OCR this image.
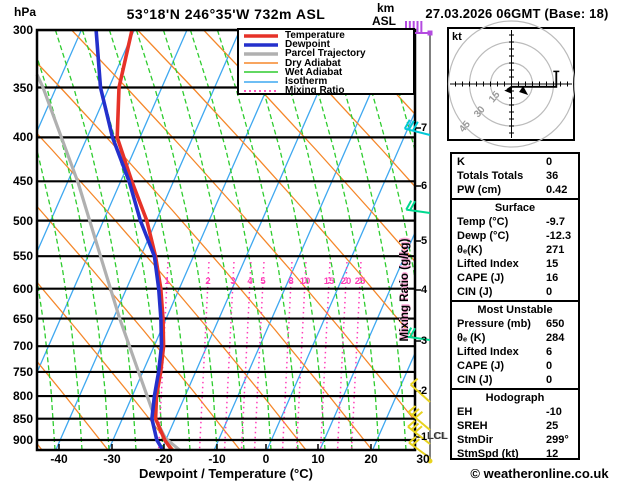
1	2 3 4 5 8 10 15 20 25
15
30
45
hPa	53°18'N 246°35'W 732m ASL	km
ASL	27.03.2026 06GMT (Base: 18)
300
350
400
450
500
550
600
650
700
750
800
850
900
-40	-30	-20	-10	0	10	20	30
7
6
5
4
3
2
1
Dewpoint / Temperature (°C)
Mixing Ratio (g/kg)
LCL
kt
Temperature
Dewpoint
Parcel Trajectory
Dry Adiabat
Wet Adiabat
Isotherm
Mixing Ratio
K	0
Totals Totals 36
PW (cm)	0.42
Surface
Temp (°C)	-9.7
Dewp (°C)	-12.3
θₑ(K)	271
Lifted Index 15
CAPE (J)	16
CIN (J)	0
Most Unstable
Pressure (mb) 650
θₑ (K)	284
Lifted Index 6
CAPE (J)	0
CIN (J)	0
Hodograph
EH	-10
SREH	25
StmDir	299°
StmSpd (kt) 12
© weatheronline.co.uk
